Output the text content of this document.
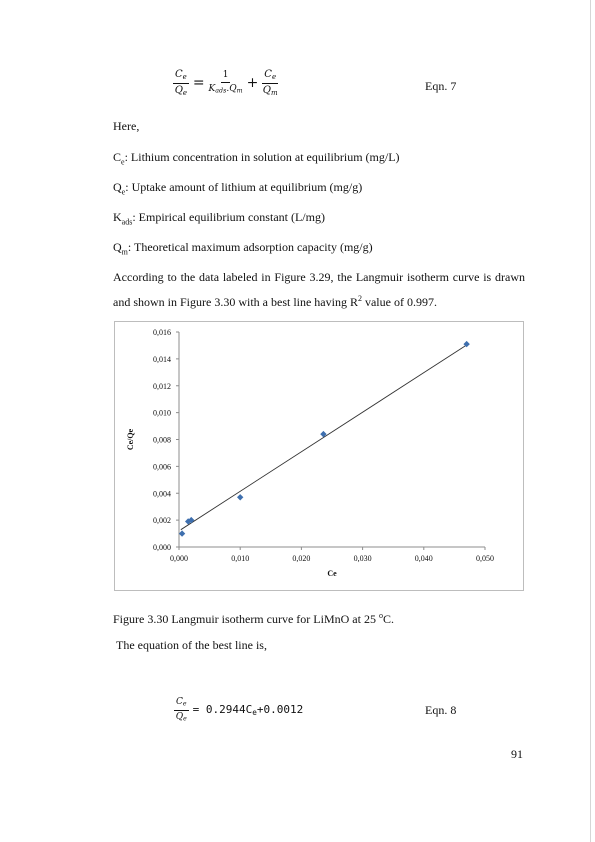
$\frac{C_e}{Q_e} = \frac{1}{K_{ads}.Q_m} + \frac{C_e}{Q_m}$	Eqn. 7
Here,
$C_e$: Lithium concentration in solution at equilibrium (mg/L)
$Q_e$: Uptake amount of lithium at equilibrium (mg/g)
$K_{ads}$: Empirical equilibrium constant (L/mg)
$Q_m$: Theoretical maximum adsorption capacity (mg/g)
According to the data labeled in Figure 3.29, the Langmuir isotherm curve is drawn and shown in Figure 3.30 with a best line having $R^2$ value of 0.997.
0,000
0,002
0,004
0,006
0,008
0,010
0,012
0,014
0,016
0,000	0,010	0,020	0,030	0,040	0,050
Ce
Ce/Qe
Figure 3.30 Langmuir isotherm curve for LiMnO at 25 $^o$C.
The equation of the best line is,
$\frac{C_e}{Q_e} = 0.2944C_e+0.0012$	Eqn. 8
91
